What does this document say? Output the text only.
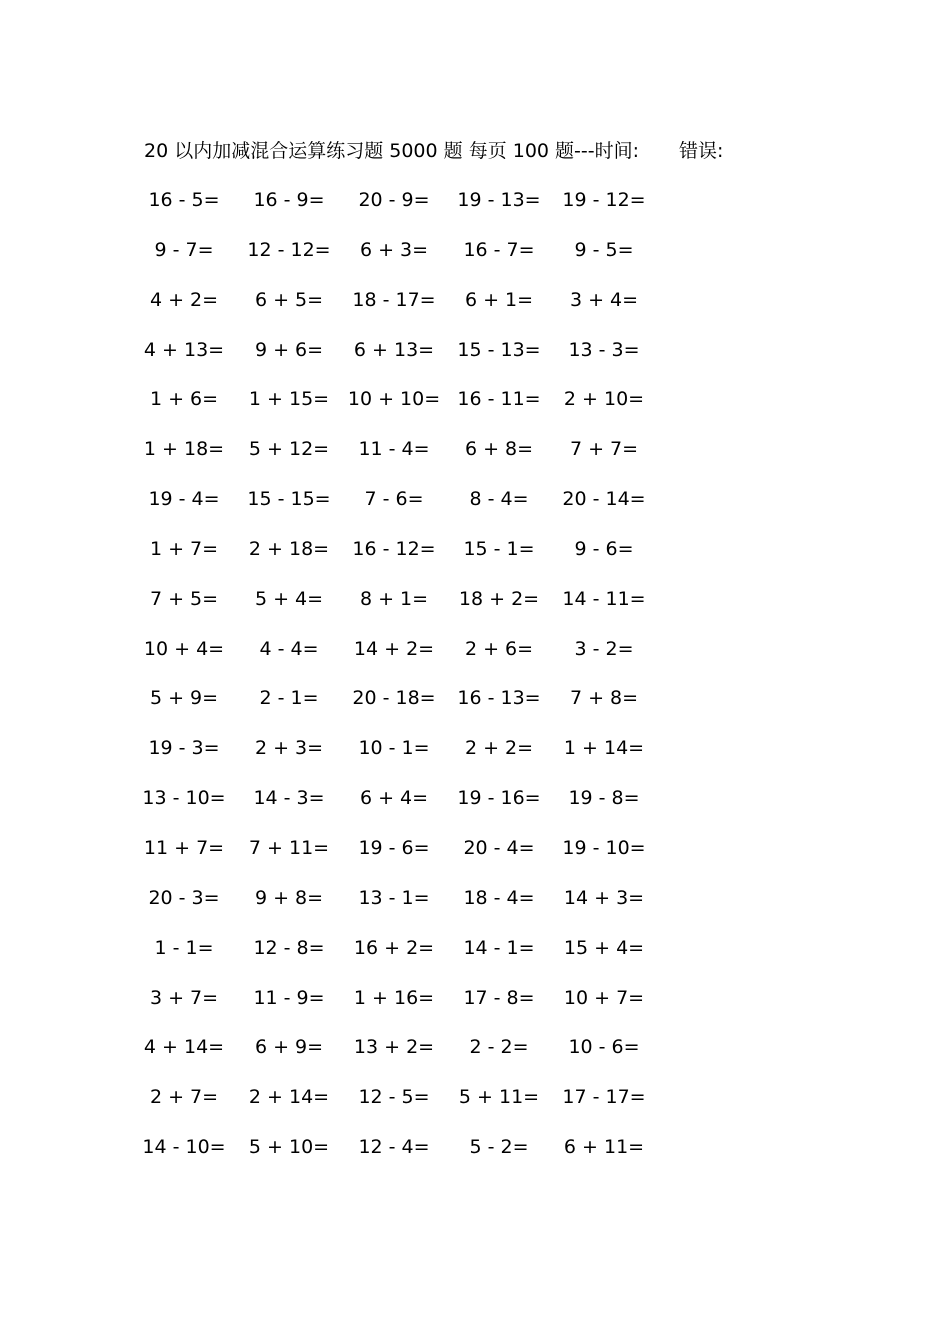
20 以内加减混合运算练习题 5000 题 每页 100 题---时间: 错误:
16 - 5=	16 - 9=	20 - 9=	19 - 13=	19 - 12=
9 - 7=	12 - 12=	6 + 3=	16 - 7=	9 - 5=
4 + 2=	6 + 5=	18 - 17=	6 + 1=	3 + 4=
4 + 13=	9 + 6=	6 + 13=	15 - 13=	13 - 3=
1 + 6=	1 + 15= 10 + 10= 16 - 11=	2 + 10=
1 + 18=	5 + 12=	11 - 4=	6 + 8=	7 + 7=
19 - 4=	15 - 15=	7 - 6=	8 - 4=	20 - 14=
1 + 7=	2 + 18=	16 - 12=	15 - 1=	9 - 6=
7 + 5=	5 + 4=	8 + 1=	18 + 2=	14 - 11=
10 + 4=	4 - 4=	14 + 2=	2 + 6=	3 - 2=
5 + 9=	2 - 1=	20 - 18=	16 - 13=	7 + 8=
19 - 3=	2 + 3=	10 - 1=	2 + 2=	1 + 14=
13 - 10=	14 - 3=	6 + 4=	19 - 16=	19 - 8=
11 + 7=	7 + 11=	19 - 6=	20 - 4=	19 - 10=
20 - 3=	9 + 8=	13 - 1=	18 - 4=	14 + 3=
1 - 1=	12 - 8=	16 + 2=	14 - 1=	15 + 4=
3 + 7=	11 - 9=	1 + 16=	17 - 8=	10 + 7=
4 + 14=	6 + 9=	13 + 2=	2 - 2=	10 - 6=
2 + 7=	2 + 14=	12 - 5=	5 + 11=	17 - 17=
14 - 10=	5 + 10=	12 - 4=	5 - 2=	6 + 11=
